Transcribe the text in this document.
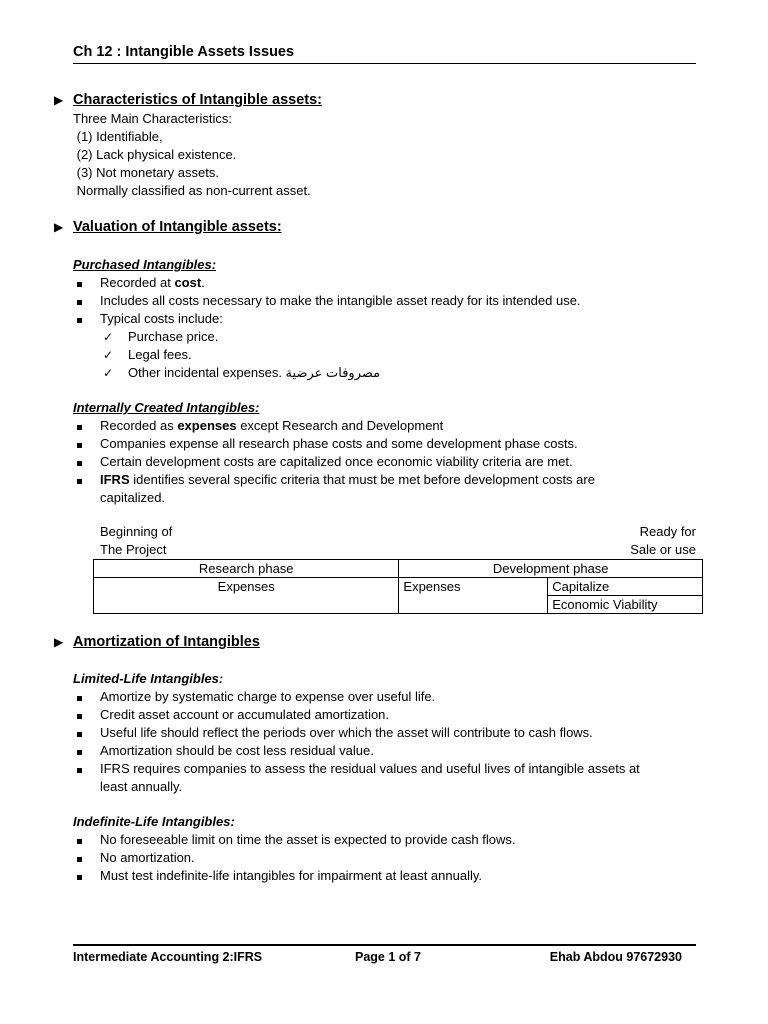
Ch 12 : Intangible Assets Issues
▶ Characteristics of Intangible assets:
Three Main Characteristics:
(1) Identifiable,
(2) Lack physical existence.
(3) Not monetary assets.
Normally classified as non-current asset.
▶ Valuation of Intangible assets:
Purchased Intangibles:
Recorded at cost.
Includes all costs necessary to make the intangible asset ready for its intended use.
Typical costs include:
✓ Purchase price.
✓ Legal fees.
✓ Other incidental expenses. مصروفات عرضية
Internally Created Intangibles:
Recorded as expenses except Research and Development
Companies expense all research phase costs and some development phase costs.
Certain development costs are capitalized once economic viability criteria are met.
IFRS identifies several specific criteria that must be met before development costs are
capitalized.
Beginning of
The Project
Ready for
Sale or use
Research phase	Development phase	
Expenses	Expenses	Capitalize
		Economic Viability
▶ Amortization of Intangibles
Limited-Life Intangibles:
Amortize by systematic charge to expense over useful life.
Credit asset account or accumulated amortization.
Useful life should reflect the periods over which the asset will contribute to cash flows.
Amortization should be cost less residual value.
IFRS requires companies to assess the residual values and useful lives of intangible assets at
least annually.
Indefinite-Life Intangibles:
No foreseeable limit on time the asset is expected to provide cash flows.
No amortization.
Must test indefinite-life intangibles for impairment at least annually.
Intermediate Accounting 2:IFRS	Page 1 of 7	Ehab Abdou 97672930
